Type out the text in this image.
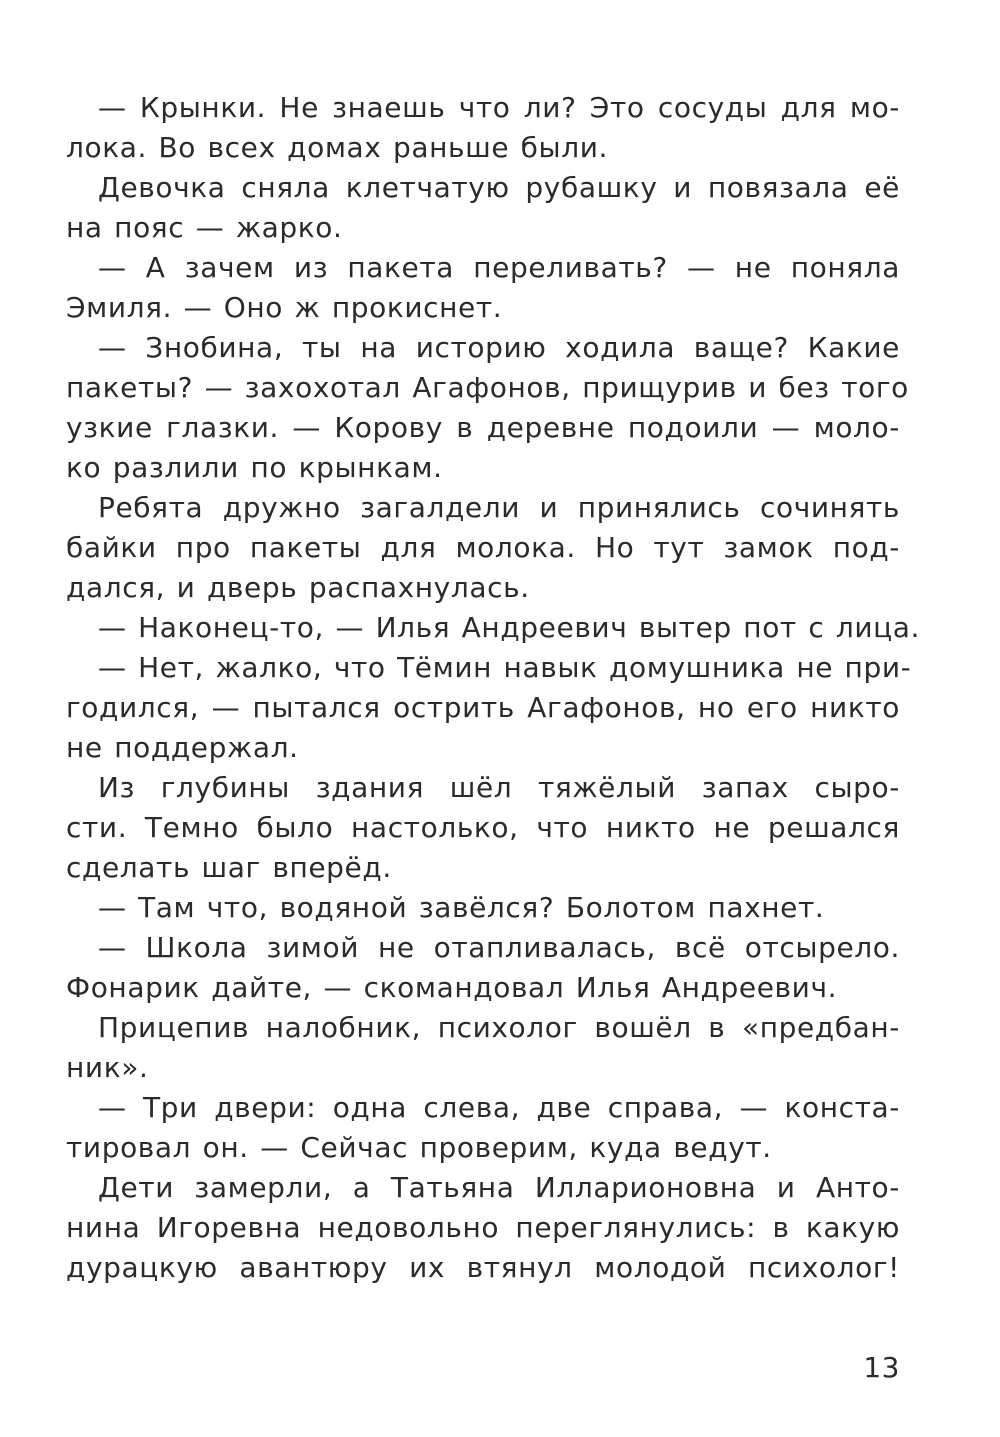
— Крынки. Не знаешь что ли? Это сосуды для мо-
лока. Во всех домах раньше были.
Девочка сняла клетчатую рубашку и повязала её
на пояс — жарко.
— А зачем из пакета переливать? — не поняла
Эмиля. — Оно ж прокиснет.
— Знобина, ты на историю ходила ваще? Какие
пакеты? — захохотал Агафонов, прищурив и без того
узкие глазки. — Корову в деревне подоили — моло-
ко разлили по крынкам.
Ребята дружно загалдели и принялись сочинять
байки про пакеты для молока. Но тут замок под-
дался, и дверь распахнулась.
— Наконец-то, — Илья Андреевич вытер пот с лица.
— Нет, жалко, что Тёмин навык домушника не при-
годился, — пытался острить Агафонов, но его никто
не поддержал.
Из глубины здания шёл тяжёлый запах сыро-
сти. Темно было настолько, что никто не решался
сделать шаг вперёд.
— Там что, водяной завёлся? Болотом пахнет.
— Школа зимой не отапливалась, всё отсырело.
Фонарик дайте, — скомандовал Илья Андреевич.
Прицепив налобник, психолог вошёл в «предбан-
ник».
— Три двери: одна слева, две справа, — конста-
тировал он. — Сейчас проверим, куда ведут.
Дети замерли, а Татьяна Илларионовна и Анто-
нина Игоревна недовольно переглянулись: в какую
дурацкую авантюру их втянул молодой психолог!
13
